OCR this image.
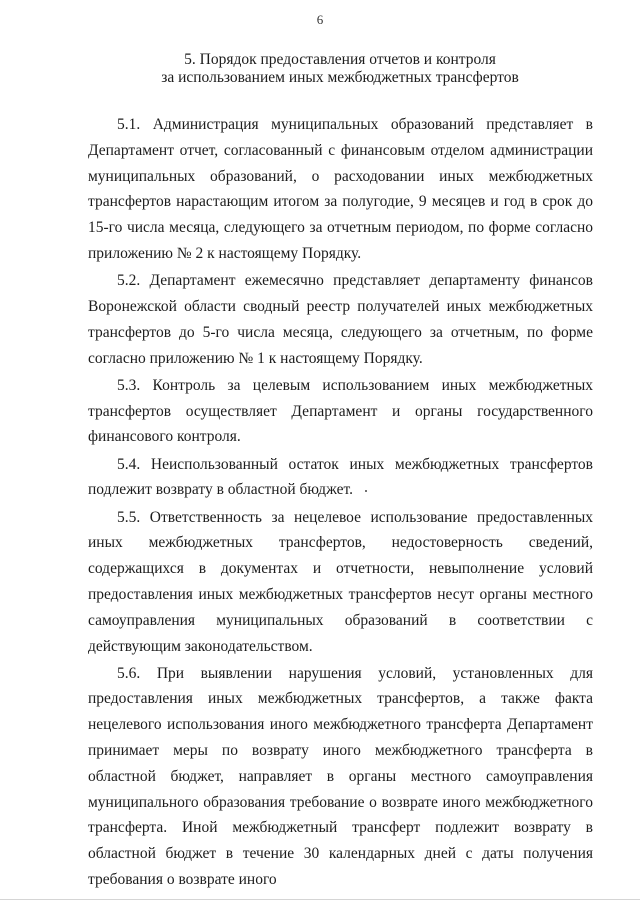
6
5. Порядок предоставления отчетов и контроля
за использованием иных межбюджетных трансфертов

5.1. Администрация муниципальных образований представляет в Департамент отчет, согласованный с финансовым отделом администрации муниципальных образований, о расходовании иных межбюджетных трансфертов нарастающим итогом за полугодие, 9 месяцев и год в срок до 15-го числа месяца, следующего за отчетным периодом, по форме согласно приложению № 2 к настоящему Порядку.

5.2. Департамент ежемесячно представляет департаменту финансов Воронежской области сводный реестр получателей иных межбюджетных трансфертов до 5-го числа месяца, следующего за отчетным, по форме согласно приложению № 1 к настоящему Порядку.

5.3. Контроль за целевым использованием иных межбюджетных трансфертов осуществляет Департамент и органы государственного финансового контроля.

5.4. Неиспользованный остаток иных межбюджетных трансфертов подлежит возврату в областной бюджет.

5.5. Ответственность за нецелевое использование предоставленных иных межбюджетных трансфертов, недостоверность сведений, содержащихся в документах и отчетности, невыполнение условий предоставления иных межбюджетных трансфертов несут органы местного самоуправления муниципальных образований в соответствии с действующим законодательством.

5.6. При выявлении нарушения условий, установленных для предоставления иных межбюджетных трансфертов, а также факта нецелевого использования иного межбюджетного трансферта Департамент принимает меры по возврату иного межбюджетного трансферта в областной бюджет, направляет в органы местного самоуправления муниципального образования требование о возврате иного межбюджетного трансферта. Иной межбюджетный трансферт подлежит возврату в областной бюджет в течение 30 календарных дней с даты получения требования о возврате иного
